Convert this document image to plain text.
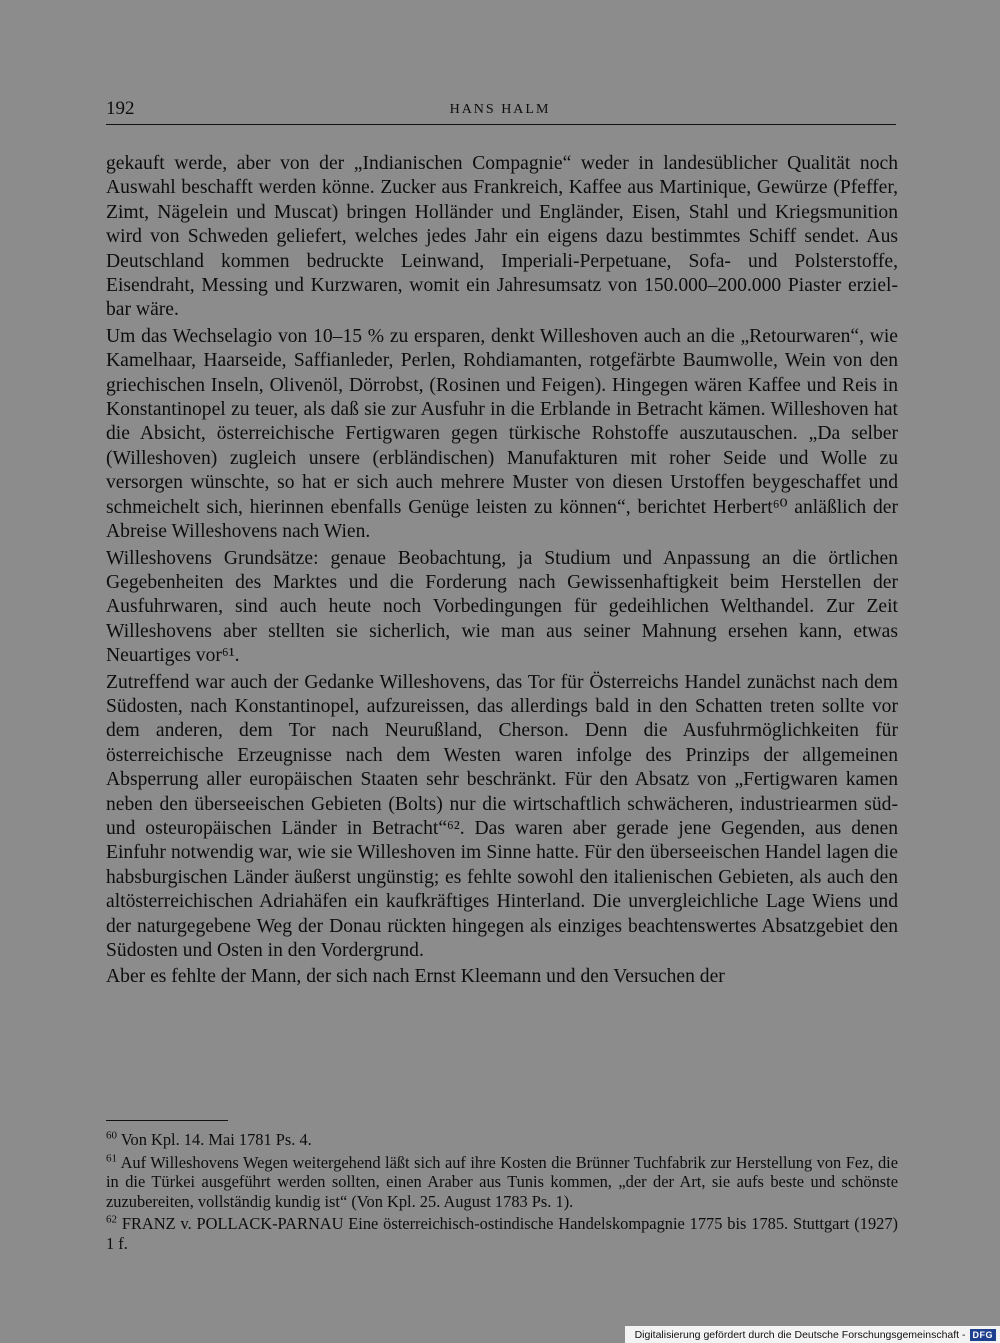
192	HANS HALM

gekauft werde, aber von der „Indianischen Compagnie“ weder in landesüblicher Qualität noch Auswahl beschafft werden könne. Zucker aus Frankreich, Kaffee aus Martinique, Gewürze (Pfeffer, Zimt, Nägelein und Muscat) bringen Holländer und Engländer, Eisen, Stahl und Kriegsmunition wird von Schweden geliefert, welches jedes Jahr ein eigens dazu bestimmtes Schiff sendet. Aus Deutschland kommen bedruckte Leinwand, Imperiali-Perpetuane, Sofa- und Polsterstoffe, Eisendraht, Messing und Kurzwaren, womit ein Jahresumsatz von 150.000–200.000 Piaster erzielbar wäre.

Um das Wechselagio von 10–15 % zu ersparen, denkt Willeshoven auch an die „Retourwaren“, wie Kamelhaar, Haarseide, Saffianleder, Perlen, Rohdiamanten, rotgefärbte Baumwolle, Wein von den griechischen Inseln, Olivenöl, Dörrobst, (Rosinen und Feigen). Hingegen wären Kaffee und Reis in Konstantinopel zu teuer, als daß sie zur Ausfuhr in die Erblande in Betracht kämen. Willeshoven hat die Absicht, österreichische Fertigwaren gegen türkische Rohstoffe auszutauschen. „Da selber (Willeshoven) zugleich unsere (erbländischen) Manufakturen mit roher Seide und Wolle zu versorgen wünschte, so hat er sich auch mehrere Muster von diesen Urstoffen beygeschaffet und schmeichelt sich, hierinnen ebenfalls Genüge leisten zu können“, berichtet Herbert⁶⁰ anläßlich der Abreise Willeshovens nach Wien.

Willeshovens Grundsätze: genaue Beobachtung, ja Studium und Anpassung an die örtlichen Gegebenheiten des Marktes und die Forderung nach Gewissenhaftigkeit beim Herstellen der Ausfuhrwaren, sind auch heute noch Vorbedingungen für gedeihlichen Welthandel. Zur Zeit Willeshovens aber stellten sie sicherlich, wie man aus seiner Mahnung ersehen kann, etwas Neuartiges vor⁶¹.

Zutreffend war auch der Gedanke Willeshovens, das Tor für Österreichs Handel zunächst nach dem Südosten, nach Konstantinopel, aufzureissen, das allerdings bald in den Schatten treten sollte vor dem anderen, dem Tor nach Neurußland, Cherson. Denn die Ausfuhrmöglichkeiten für österreichische Erzeugnisse nach dem Westen waren infolge des Prinzips der allgemeinen Absperrung aller europäischen Staaten sehr beschränkt. Für den Absatz von „Fertigwaren kamen neben den überseeischen Gebieten (Bolts) nur die wirtschaftlich schwächeren, industriearmen süd- und osteuropäischen Länder in Betracht“⁶². Das waren aber gerade jene Gegenden, aus denen Einfuhr notwendig war, wie sie Willeshoven im Sinne hatte. Für den überseeischen Handel lagen die habsburgischen Länder äußerst ungünstig; es fehlte sowohl den italienischen Gebieten, als auch den altösterreichischen Adriahäfen ein kaufkräftiges Hinterland. Die unvergleichliche Lage Wiens und der naturgegebene Weg der Donau rückten hingegen als einziges beachtenswertes Absatzgebiet den Südosten und Osten in den Vordergrund.

Aber es fehlte der Mann, der sich nach Ernst Kleemann und den Versuchen der

$^{60}$ Von Kpl. 14. Mai 1781 Ps. 4.

$^{61}$ Auf Willeshovens Wegen weitergehend läßt sich auf ihre Kosten die Brünner Tuchfabrik zur Herstellung von Fez, die in die Türkei ausgeführt werden sollten, einen Araber aus Tunis kommen, „der der Art, sie aufs beste und schönste zuzubereiten, vollständig kundig ist“ (Von Kpl. 25. August 1783 Ps. 1).

$^{62}$ FRANZ v. POLLACK-PARNAU Eine österreichisch-ostindische Handelskompagnie 1775 bis 1785. Stuttgart (1927) 1 f.

Digitalisierung gefördert durch die Deutsche Forschungsgemeinschaft - DFG
